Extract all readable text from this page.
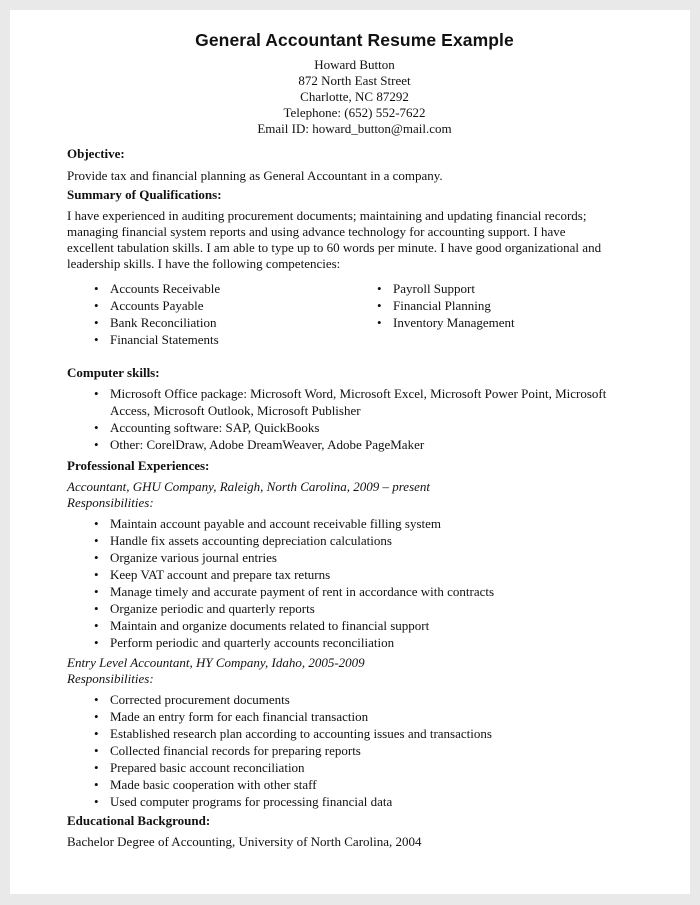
General Accountant Resume Example
Howard Button
872 North East Street
Charlotte, NC 87292
Telephone: (652) 552-7622
Email ID: howard_button@mail.com
Objective:
Provide tax and financial planning as General Accountant in a company.
Summary of Qualifications:
I have experienced in auditing procurement documents; maintaining and updating financial records;
managing financial system reports and using advance technology for accounting support. I have
excellent tabulation skills. I am able to type up to 60 words per minute. I have good organizational and
leadership skills. I have the following competencies:
• Accounts Receivable
• Accounts Payable
• Bank Reconciliation
• Financial Statements
• Payroll Support
• Financial Planning
• Inventory Management
Computer skills:
• Microsoft Office package: Microsoft Word, Microsoft Excel, Microsoft Power Point, Microsoft
Access, Microsoft Outlook, Microsoft Publisher
• Accounting software: SAP, QuickBooks
• Other: CorelDraw, Adobe DreamWeaver, Adobe PageMaker
Professional Experiences:
Accountant, GHU Company, Raleigh, North Carolina, 2009 – present
Responsibilities:
• Maintain account payable and account receivable filling system
• Handle fix assets accounting depreciation calculations
• Organize various journal entries
• Keep VAT account and prepare tax returns
• Manage timely and accurate payment of rent in accordance with contracts
• Organize periodic and quarterly reports
• Maintain and organize documents related to financial support
• Perform periodic and quarterly accounts reconciliation
Entry Level Accountant, HY Company, Idaho, 2005-2009
Responsibilities:
• Corrected procurement documents
• Made an entry form for each financial transaction
• Established research plan according to accounting issues and transactions
• Collected financial records for preparing reports
• Prepared basic account reconciliation
• Made basic cooperation with other staff
• Used computer programs for processing financial data
Educational Background:
Bachelor Degree of Accounting, University of North Carolina, 2004
